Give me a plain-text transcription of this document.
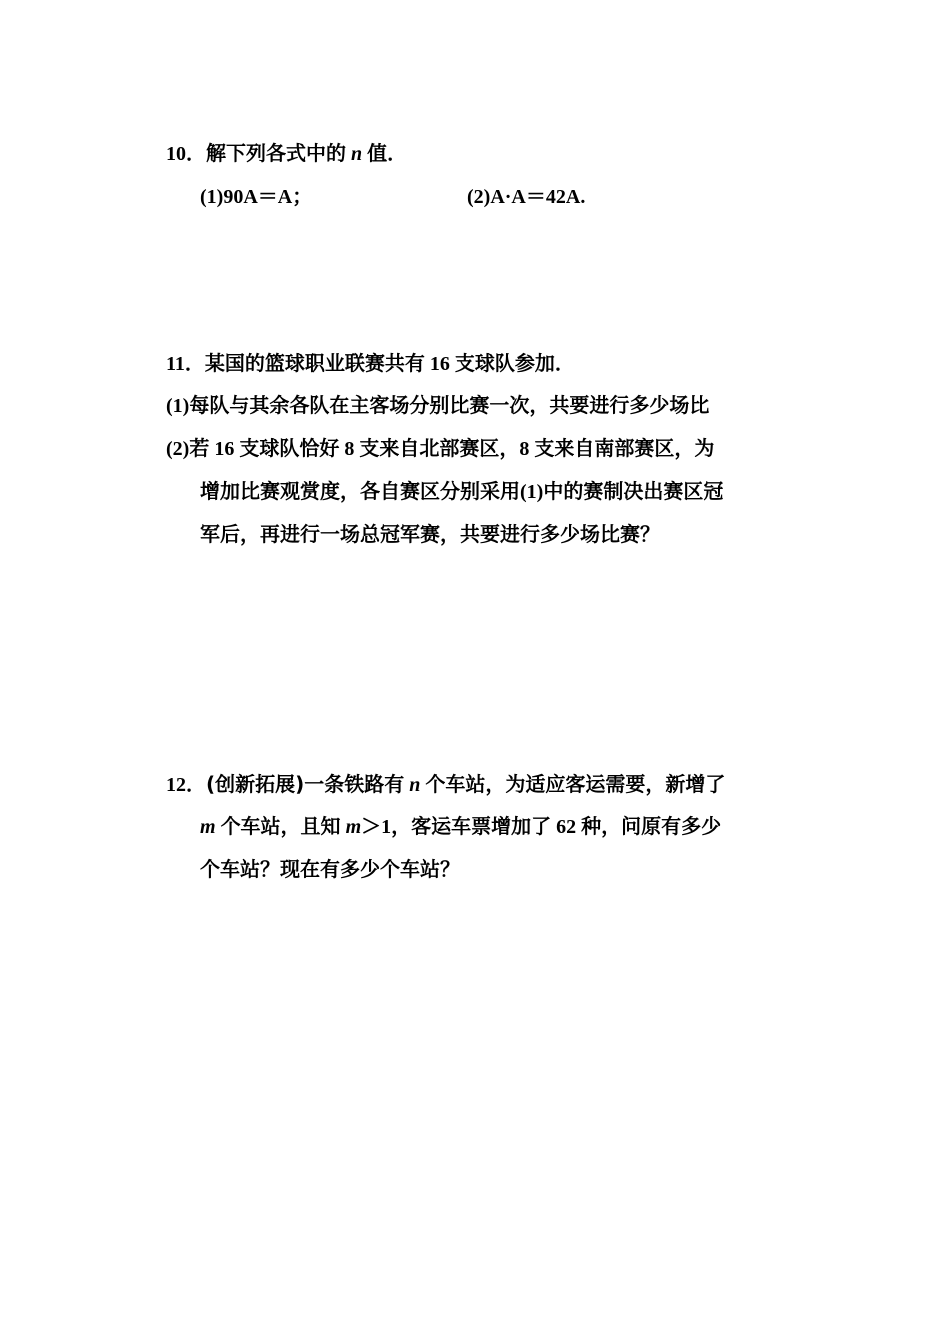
10．解下列各式中的 n 值．
(1)90A＝A；	(2)A·A＝42A.
11．某国的篮球职业联赛共有 16 支球队参加．
(1)每队与其余各队在主客场分别比赛一次，共要进行多少场比
(2)若 16 支球队恰好 8 支来自北部赛区，8 支来自南部赛区，为
增加比赛观赏度，各自赛区分别采用(1)中的赛制决出赛区冠
军后，再进行一场总冠军赛，共要进行多少场比赛？
12．(创新拓展)一条铁路有 n 个车站，为适应客运需要，新增了
m 个车站，且知 m＞1，客运车票增加了 62 种，问原有多少
个车站？现在有多少个车站？
